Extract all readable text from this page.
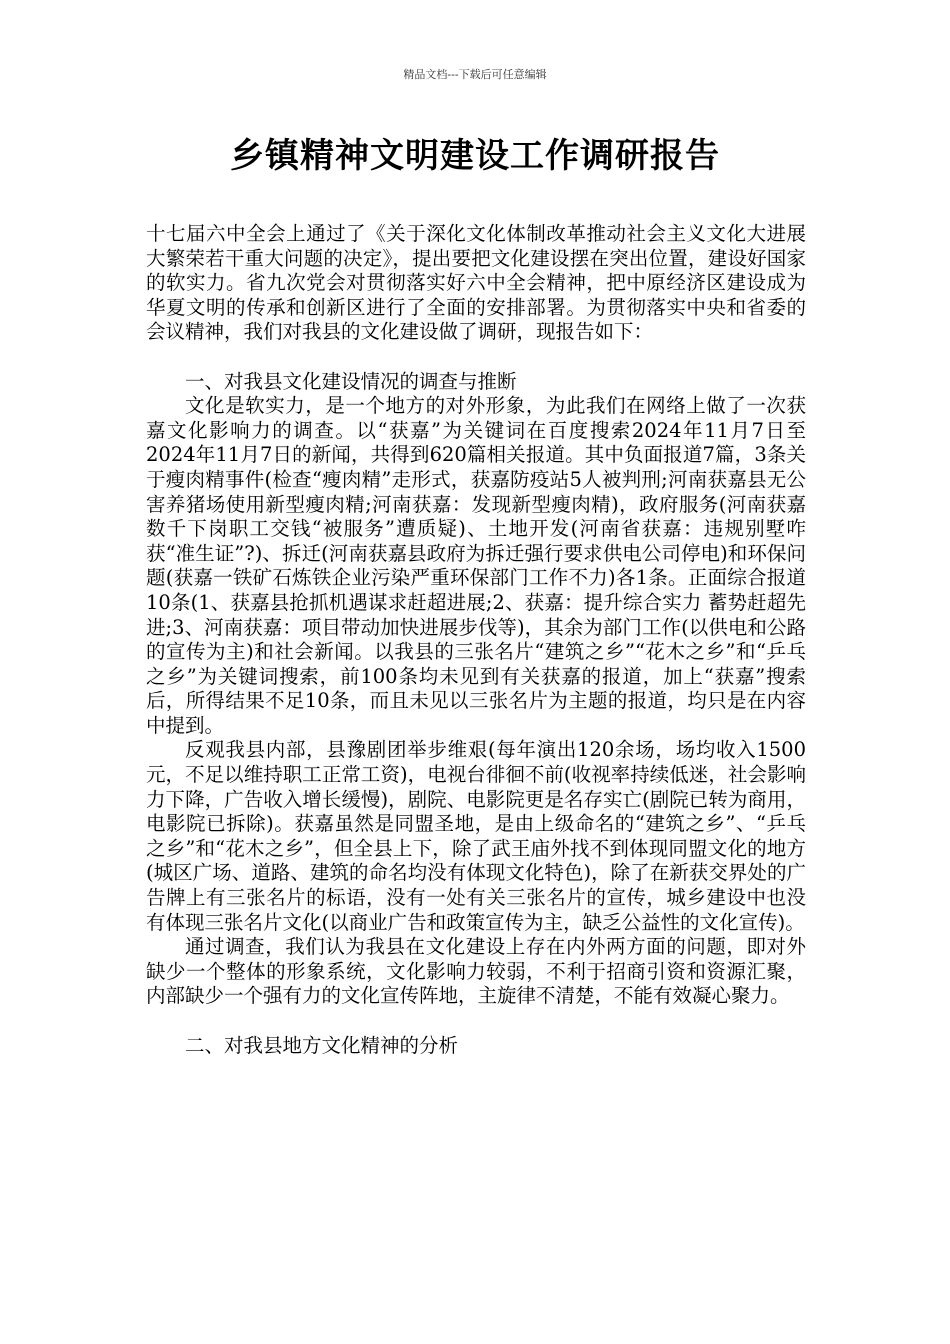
精品文档---下载后可任意编辑
乡镇精神文明建设工作调研报告

十七届六中全会上通过了《关于深化文化体制改革推动社会主义文化大进展大繁荣若干重大问题的决定》，提出要把文化建设摆在突出位置，建设好国家的软实力。省九次党会对贯彻落实好六中全会精神，把中原经济区建设成为华夏文明的传承和创新区进行了全面的安排部署。为贯彻落实中央和省委的会议精神，我们对我县的文化建设做了调研，现报告如下：

一、对我县文化建设情况的调查与推断

文化是软实力，是一个地方的对外形象，为此我们在网络上做了一次获嘉文化影响力的调查。以“获嘉”为关键词在百度搜索2024年11月7日至2024年11月7日的新闻，共得到620篇相关报道。其中负面报道7篇，3条关于瘦肉精事件(检查“瘦肉精”走形式，获嘉防疫站5人被判刑;河南获嘉县无公害养猪场使用新型瘦肉精;河南获嘉：发现新型瘦肉精)，政府服务(河南获嘉数千下岗职工交钱“被服务”遭质疑)、土地开发(河南省获嘉：违规别墅咋获“准生证”?)、拆迁(河南获嘉县政府为拆迁强行要求供电公司停电)和环保问题(获嘉一铁矿石炼铁企业污染严重环保部门工作不力)各1条。正面综合报道10条(1、获嘉县抢抓机遇谋求赶超进展;2、获嘉：提升综合实力 蓄势赶超先进;3、河南获嘉：项目带动加快进展步伐等)，其余为部门工作(以供电和公路的宣传为主)和社会新闻。以我县的三张名片“建筑之乡”“花木之乡”和“乒乓之乡”为关键词搜索，前100条均未见到有关获嘉的报道，加上“获嘉”搜索后，所得结果不足10条，而且未见以三张名片为主题的报道，均只是在内容中提到。

反观我县内部，县豫剧团举步维艰(每年演出120余场，场均收入1500元，不足以维持职工正常工资)，电视台徘徊不前(收视率持续低迷，社会影响力下降，广告收入增长缓慢)，剧院、电影院更是名存实亡(剧院已转为商用，电影院已拆除)。获嘉虽然是同盟圣地，是由上级命名的“建筑之乡”、“乒乓之乡”和“花木之乡”，但全县上下，除了武王庙外找不到体现同盟文化的地方(城区广场、道路、建筑的命名均没有体现文化特色)，除了在新获交界处的广告牌上有三张名片的标语，没有一处有关三张名片的宣传，城乡建设中也没有体现三张名片文化(以商业广告和政策宣传为主，缺乏公益性的文化宣传)。

通过调查，我们认为我县在文化建设上存在内外两方面的问题，即对外缺少一个整体的形象系统，文化影响力较弱，不利于招商引资和资源汇聚，内部缺少一个强有力的文化宣传阵地，主旋律不清楚，不能有效凝心聚力。

二、对我县地方文化精神的分析
